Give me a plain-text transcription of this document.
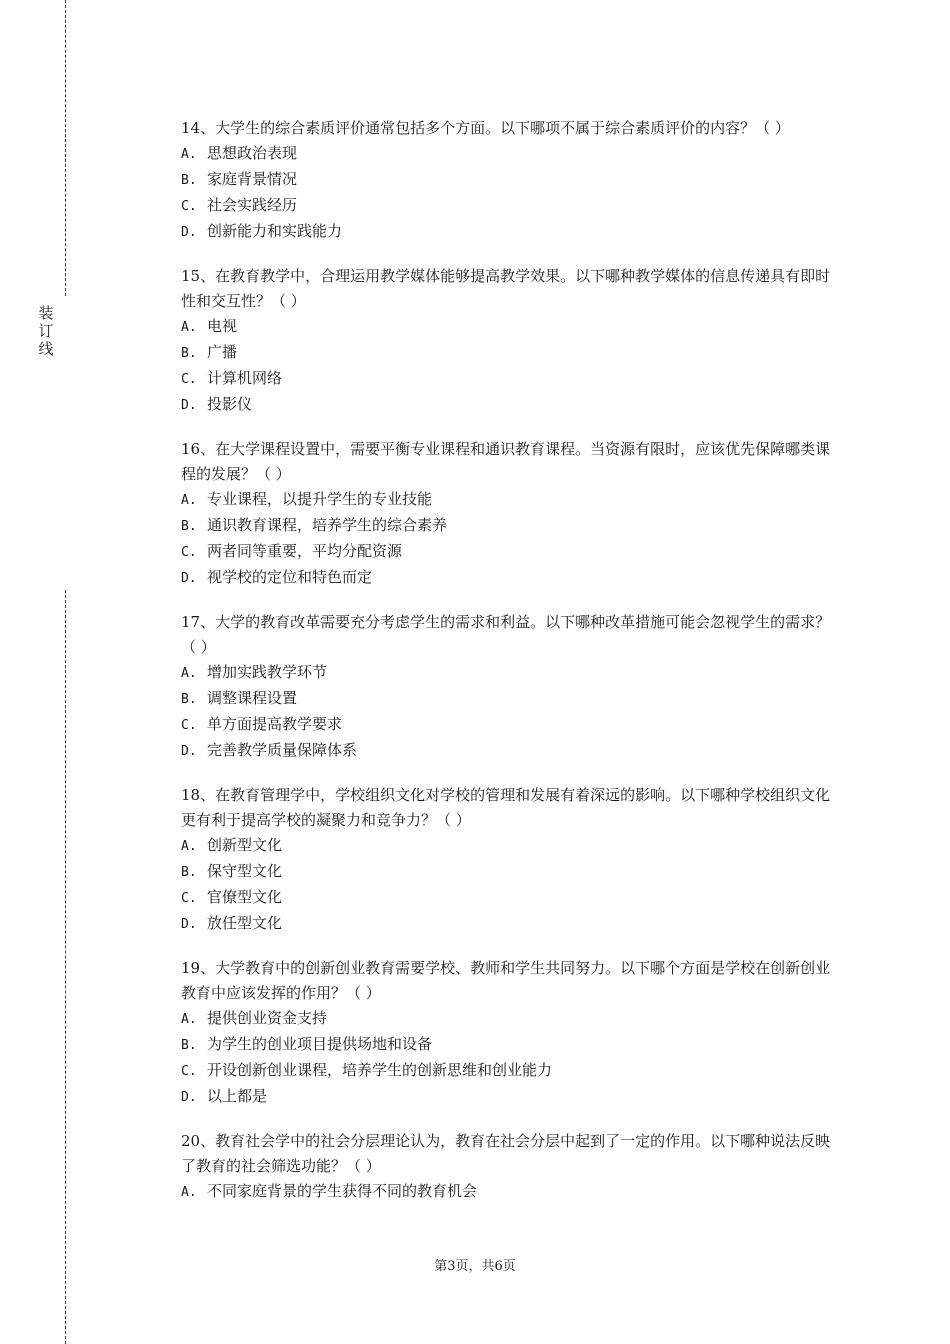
装
订
线

14、大学生的综合素质评价通常包括多个方面。以下哪项不属于综合素质评价的内容？（ ）

A. 思想政治表现

B. 家庭背景情况

C. 社会实践经历

D. 创新能力和实践能力

15、在教育教学中，合理运用教学媒体能够提高教学效果。以下哪种教学媒体的信息传递具有即时性和交互性？（ ）

A. 电视

B. 广播

C. 计算机网络

D. 投影仪

16、在大学课程设置中，需要平衡专业课程和通识教育课程。当资源有限时，应该优先保障哪类课程的发展？（ ）

A. 专业课程，以提升学生的专业技能

B. 通识教育课程，培养学生的综合素养

C. 两者同等重要，平均分配资源

D. 视学校的定位和特色而定

17、大学的教育改革需要充分考虑学生的需求和利益。以下哪种改革措施可能会忽视学生的需求？（ ）

A. 增加实践教学环节

B. 调整课程设置

C. 单方面提高教学要求

D. 完善教学质量保障体系

18、在教育管理学中，学校组织文化对学校的管理和发展有着深远的影响。以下哪种学校组织文化更有利于提高学校的凝聚力和竞争力？（ ）

A. 创新型文化

B. 保守型文化

C. 官僚型文化

D. 放任型文化

19、大学教育中的创新创业教育需要学校、教师和学生共同努力。以下哪个方面是学校在创新创业教育中应该发挥的作用？（ ）

A. 提供创业资金支持

B. 为学生的创业项目提供场地和设备

C. 开设创新创业课程，培养学生的创新思维和创业能力

D. 以上都是

20、教育社会学中的社会分层理论认为，教育在社会分层中起到了一定的作用。以下哪种说法反映了教育的社会筛选功能？（ ）

A. 不同家庭背景的学生获得不同的教育机会

第3页，共6页
